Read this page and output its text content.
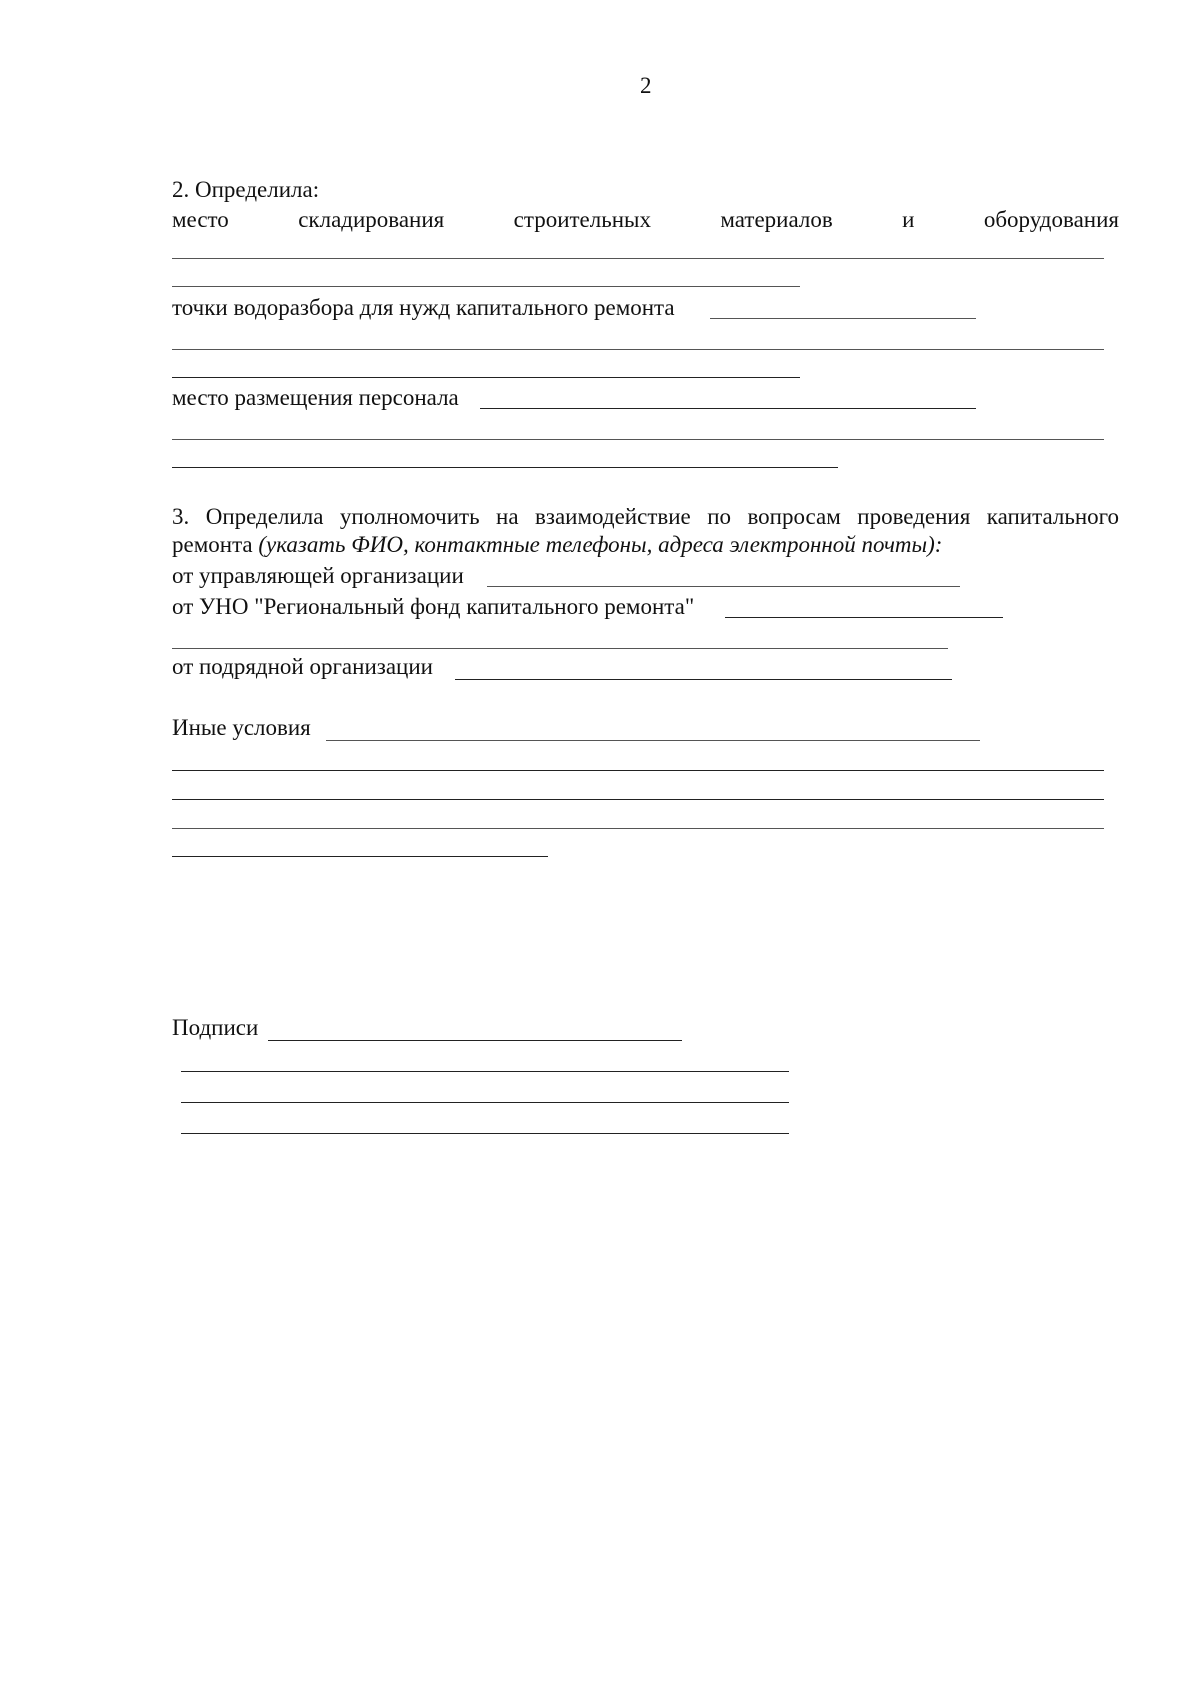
2
2. Определила:
место	складирования	строительных	материалов	и	оборудования
точки водоразбора для нужд капитального ремонта
место размещения персонала
3. Определила уполномочить на взаимодействие по вопросам проведения капитального
ремонта (указать ФИО, контактные телефоны, адреса электронной почты):
от управляющей организации
от УНО "Региональный фонд капитального ремонта"
от подрядной организации
Иные условия
Подписи
